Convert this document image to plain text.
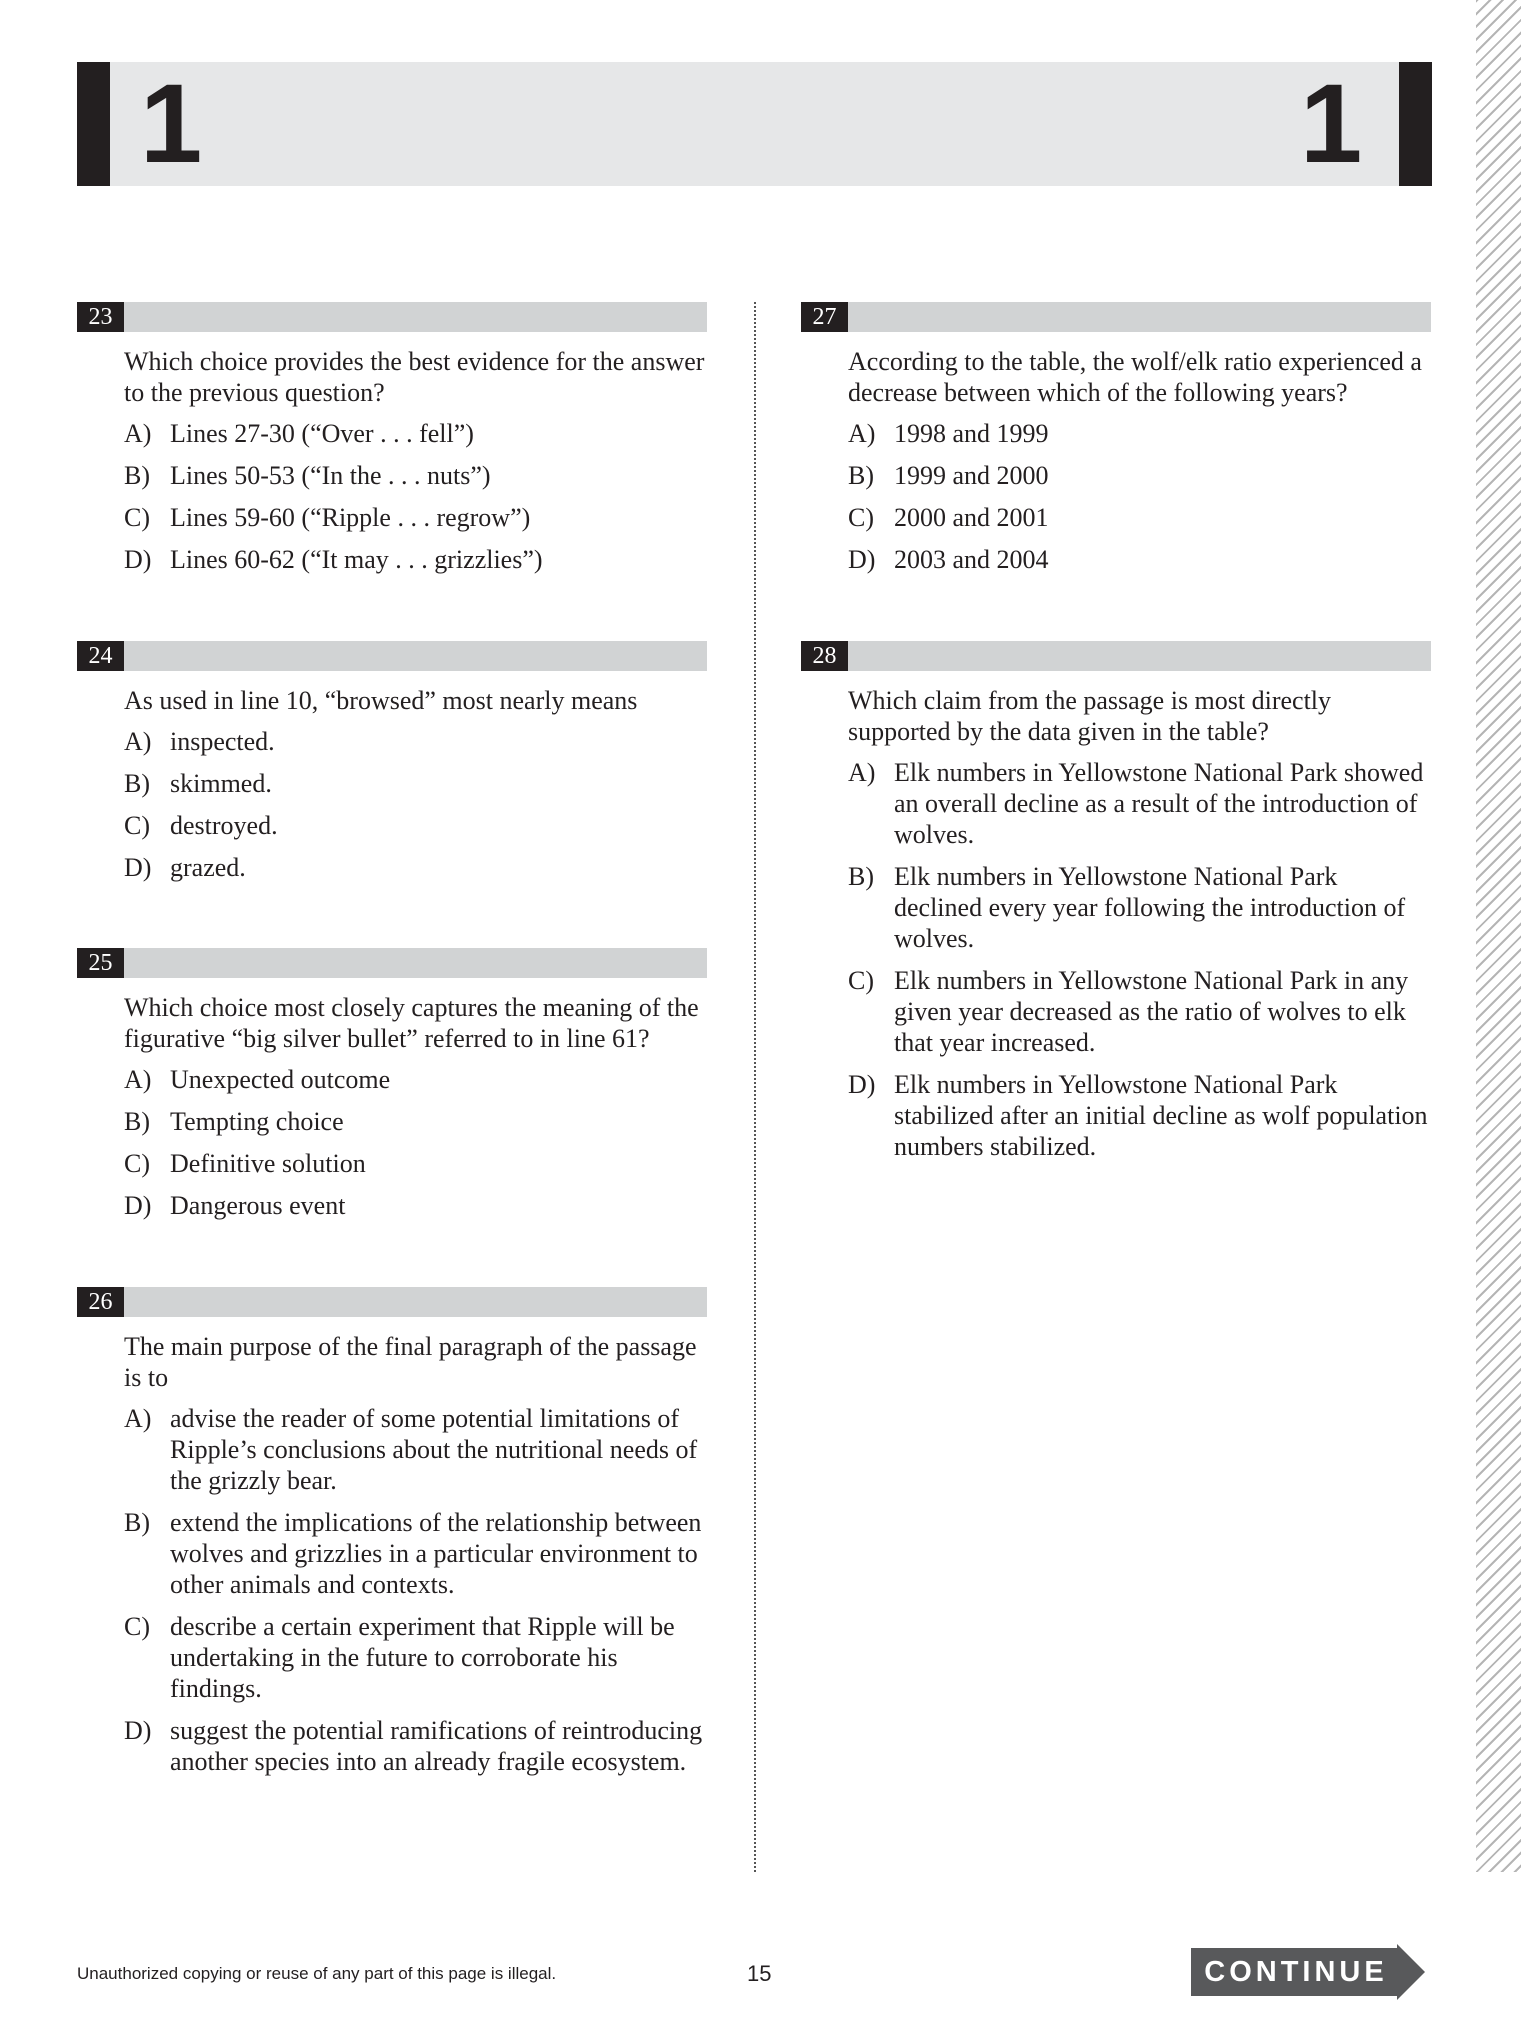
1	1
23
Which choice provides the best evidence for the answer to the previous question?
A) Lines 27-30 (“Over . . . fell”)
B) Lines 50-53 (“In the . . . nuts”)
C) Lines 59-60 (“Ripple . . . regrow”)
D) Lines 60-62 (“It may . . . grizzlies”)
24
As used in line 10, “browsed” most nearly means
A) inspected.
B) skimmed.
C) destroyed.
D) grazed.
25
Which choice most closely captures the meaning of the figurative “big silver bullet” referred to in line 61?
A) Unexpected outcome
B) Tempting choice
C) Definitive solution
D) Dangerous event
26
The main purpose of the final paragraph of the passage is to
A) advise the reader of some potential limitations of Ripple’s conclusions about the nutritional needs of the grizzly bear.
B) extend the implications of the relationship between wolves and grizzlies in a particular environment to other animals and contexts.
C) describe a certain experiment that Ripple will be undertaking in the future to corroborate his findings.
D) suggest the potential ramifications of reintroducing another species into an already fragile ecosystem.
27
According to the table, the wolf/elk ratio experienced a decrease between which of the following years?
A) 1998 and 1999
B) 1999 and 2000
C) 2000 and 2001
D) 2003 and 2004
28
Which claim from the passage is most directly supported by the data given in the table?
A) Elk numbers in Yellowstone National Park showed an overall decline as a result of the introduction of wolves.
B) Elk numbers in Yellowstone National Park declined every year following the introduction of wolves.
C) Elk numbers in Yellowstone National Park in any given year decreased as the ratio of wolves to elk that year increased.
D) Elk numbers in Yellowstone National Park stabilized after an initial decline as wolf population numbers stabilized.
Unauthorized copying or reuse of any part of this page is illegal.	15	CONTINUE
